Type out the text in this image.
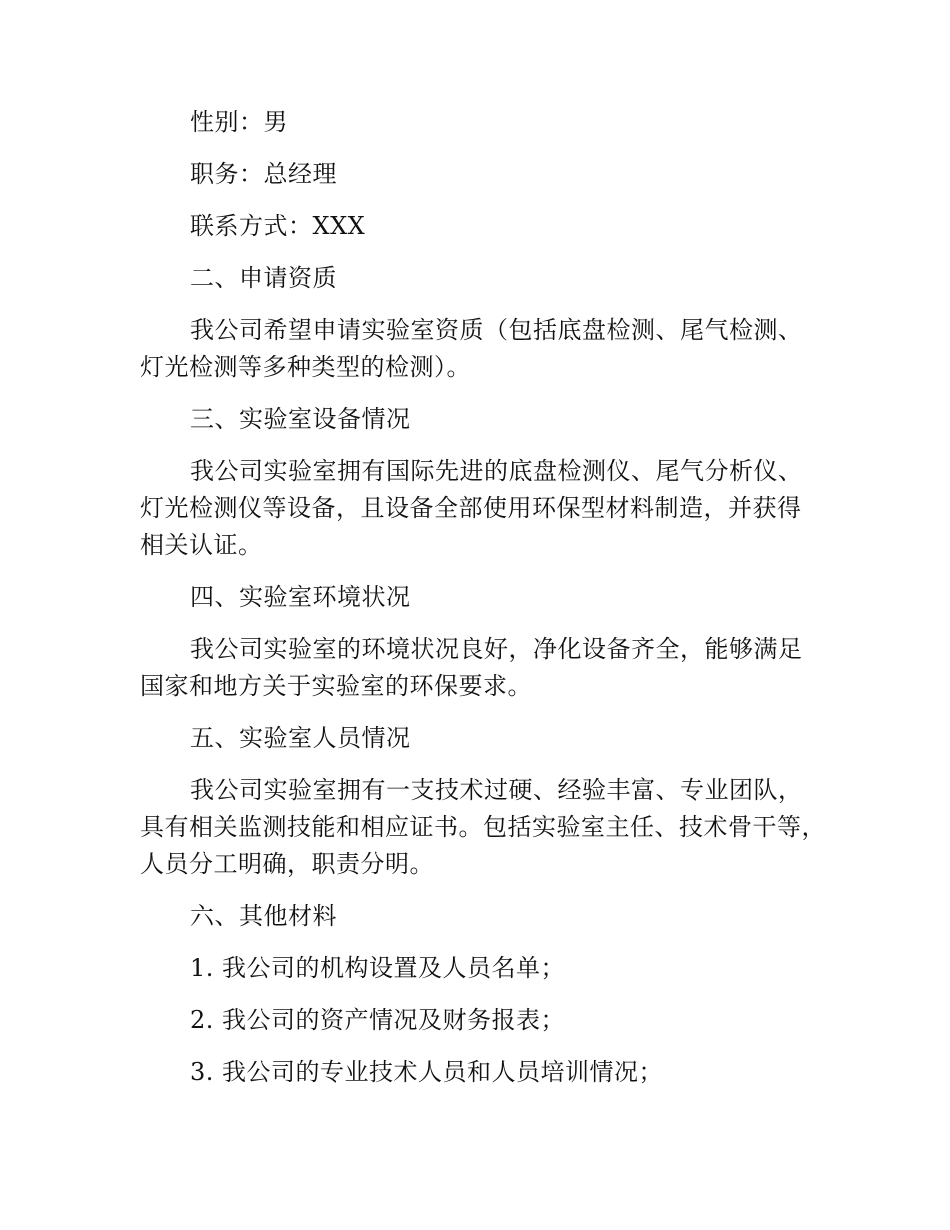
性别：男
职务：总经理
联系方式：XXX
二、申请资质
我公司希望申请实验室资质（包括底盘检测、尾气检测、
灯光检测等多种类型的检测）。
三、实验室设备情况
我公司实验室拥有国际先进的底盘检测仪、尾气分析仪、
灯光检测仪等设备，且设备全部使用环保型材料制造，并获得
相关认证。
四、实验室环境状况
我公司实验室的环境状况良好，净化设备齐全，能够满足
国家和地方关于实验室的环保要求。
五、实验室人员情况
我公司实验室拥有一支技术过硬、经验丰富、专业团队，
具有相关监测技能和相应证书。包括实验室主任、技术骨干等，
人员分工明确，职责分明。
六、其他材料
1. 我公司的机构设置及人员名单；
2. 我公司的资产情况及财务报表；
3. 我公司的专业技术人员和人员培训情况；
